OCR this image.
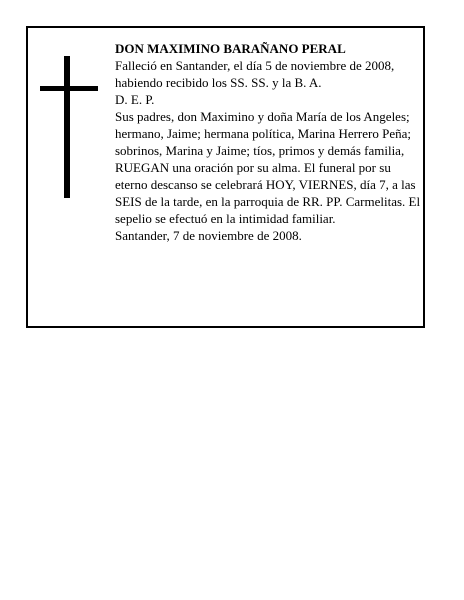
DON MAXIMINO BARAÑANO PERAL

Falleció en Santander, el día 5 de noviembre de 2008, habiendo recibido los SS. SS. y la B. A.

D. E. P.

Sus padres, don Maximino y doña María de los Angeles; hermano, Jaime; hermana política, Marina Herrero Peña; sobrinos, Marina y Jaime; tíos, primos y demás familia,

RUEGAN una oración por su alma. El funeral por su eterno descanso se celebrará HOY, VIERNES, día 7, a las SEIS de la tarde, en la parroquia de RR. PP. Carmelitas. El sepelio se efectuó en la intimidad familiar.

Santander, 7 de noviembre de 2008.
